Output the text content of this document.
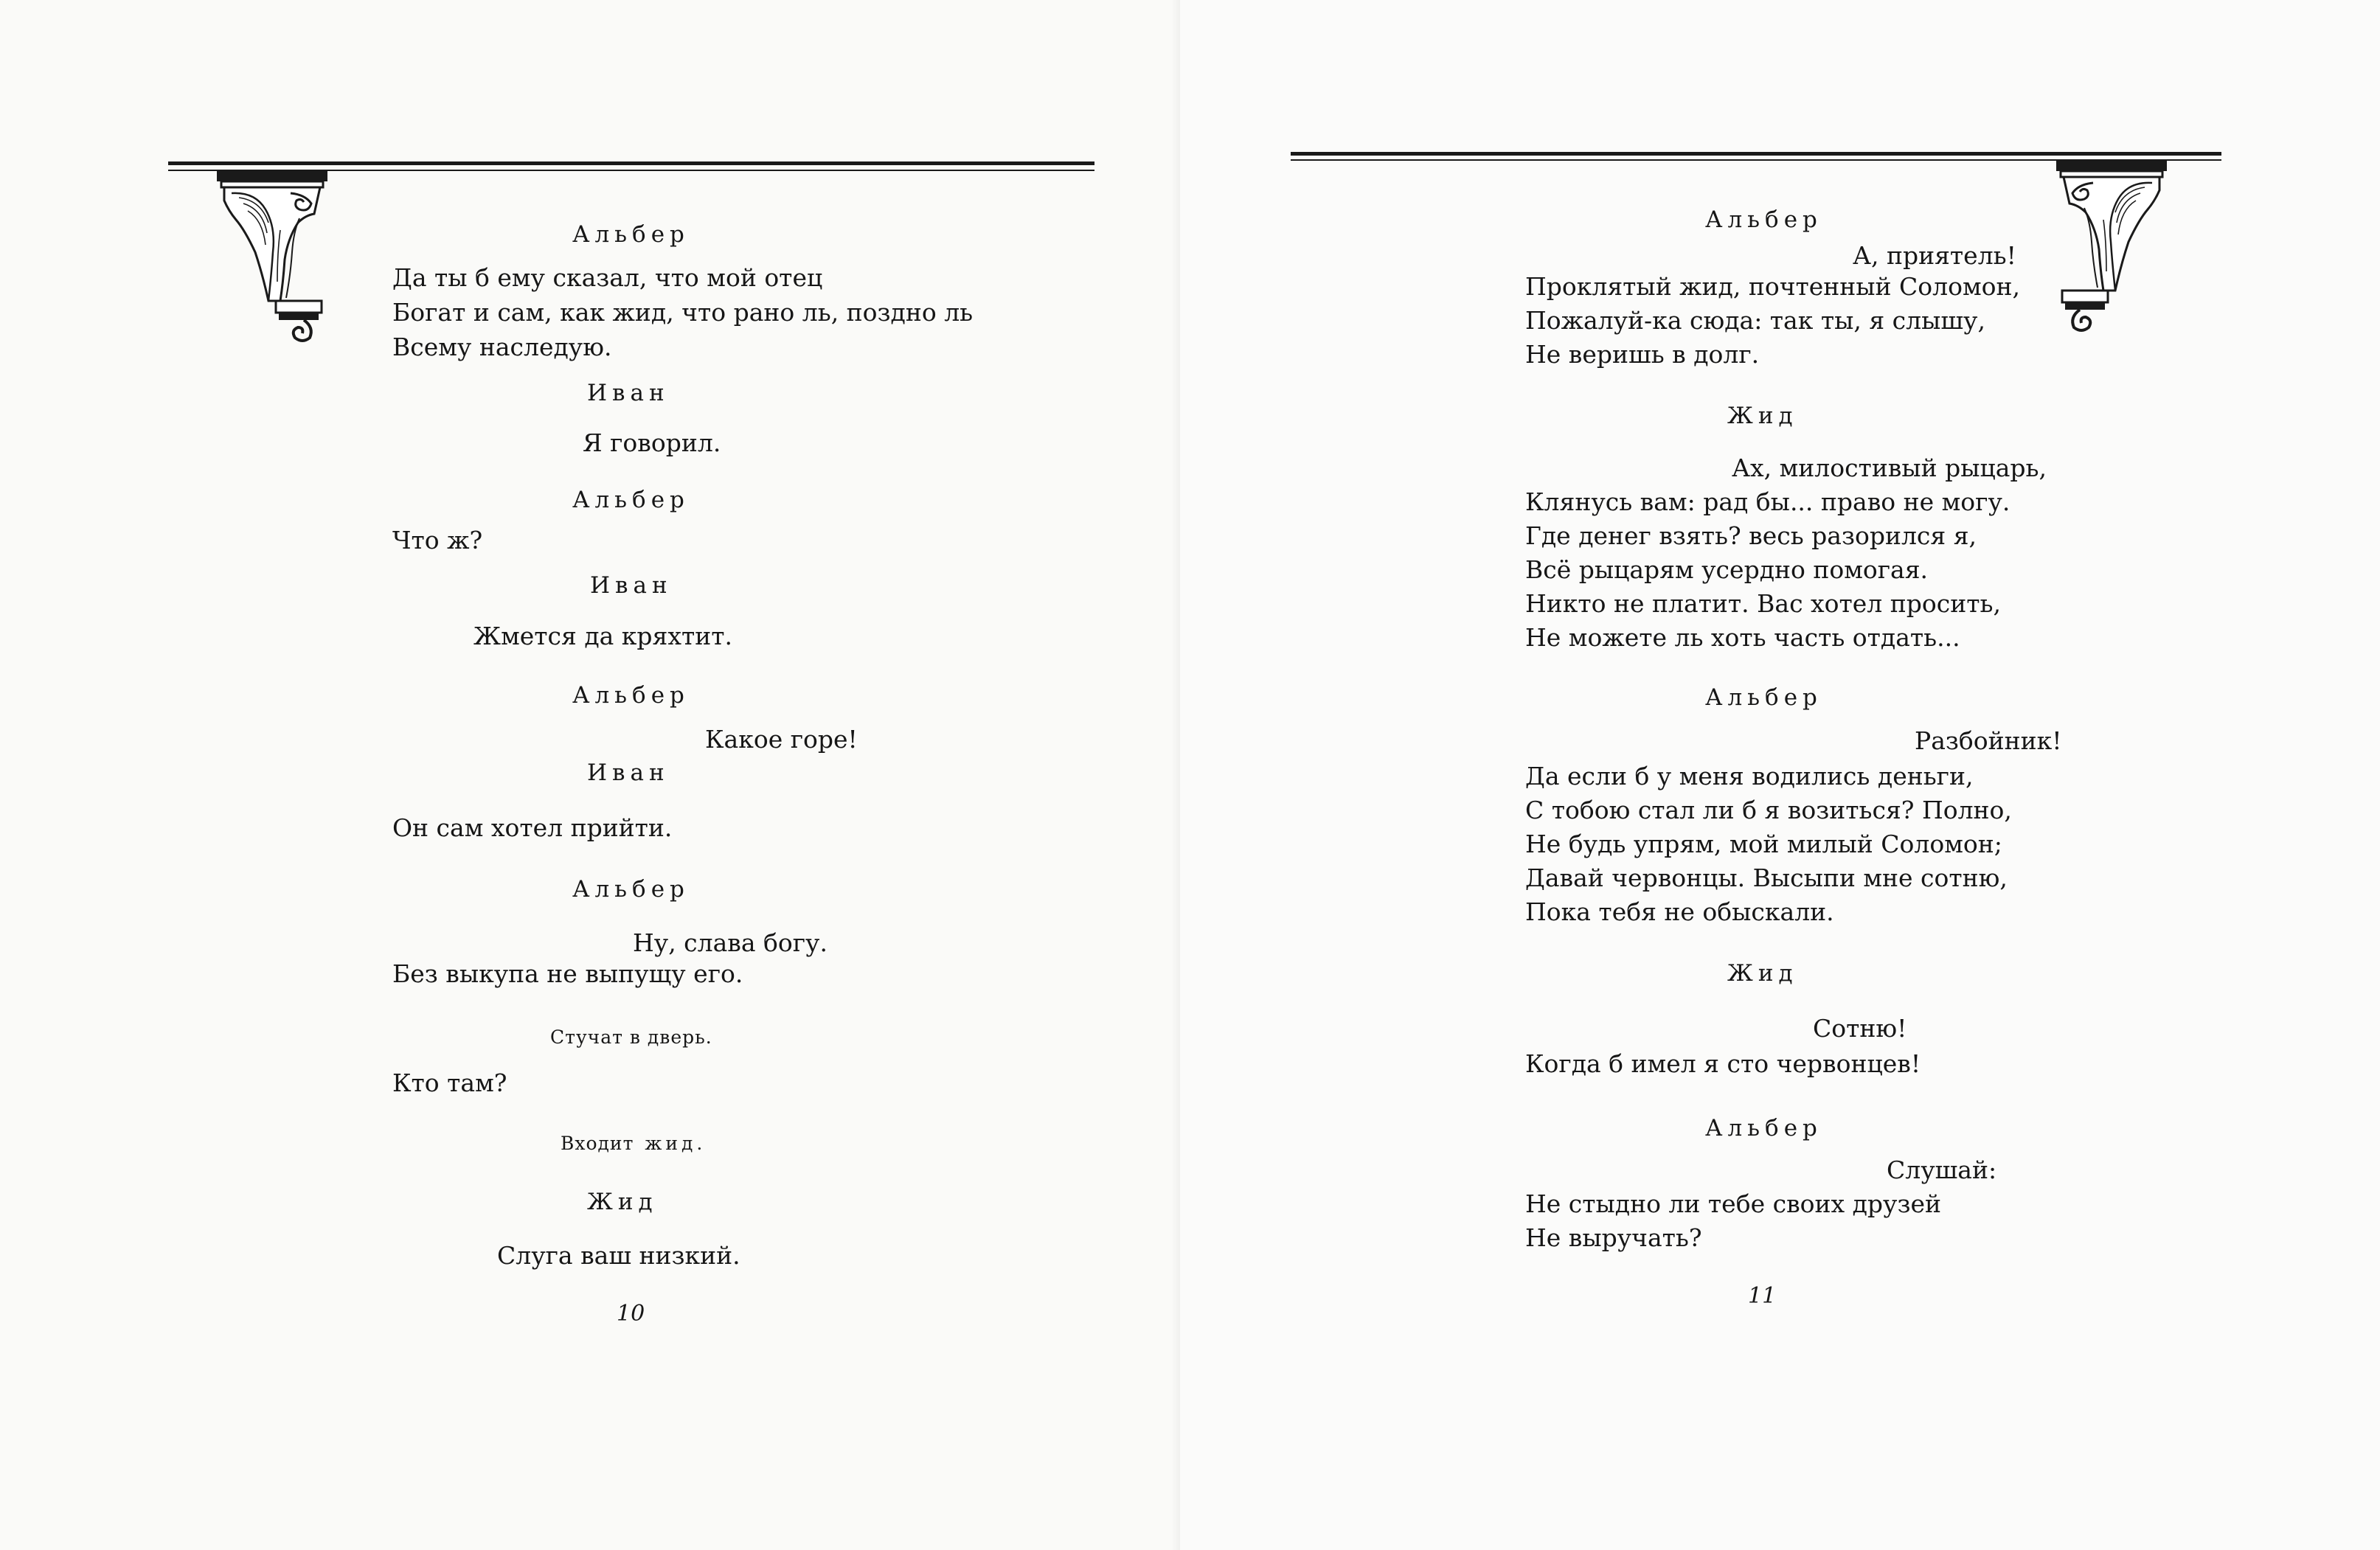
Альбер
Да ты б ему сказал, что мой отец
Богат и сам, как жид, что рано ль, поздно ль
Всему наследую.
Иван
Я говорил.
Альбер
Что ж?
Иван
Жмется да кряхтит.
Альбер
Какое горе!
Иван
Он сам хотел прийти.
Альбер
Ну, слава богу.
Без выкупа не выпущу его.
Стучат в дверь.
Кто там?
Входит жид.
Жид
Слуга ваш низкий.
10
Альбер
А, приятель!
Проклятый жид, почтенный Соломон,
Пожалуй-ка сюда: так ты, я слышу,
Не веришь в долг.
Жид
Ах, милостивый рыцарь,
Клянусь вам: рад бы... право не могу.
Где денег взять? весь разорился я,
Всё рыцарям усердно помогая.
Никто не платит. Вас хотел просить,
Не можете ль хоть часть отдать...
Альбер
Разбойник!
Да если б у меня водились деньги,
С тобою стал ли б я возиться? Полно,
Не будь упрям, мой милый Соломон;
Давай червонцы. Высыпи мне сотню,
Пока тебя не обыскали.
Жид
Сотню!
Когда б имел я сто червонцев!
Альбер
Слушай:
Не стыдно ли тебе своих друзей
Не выручать?
11
